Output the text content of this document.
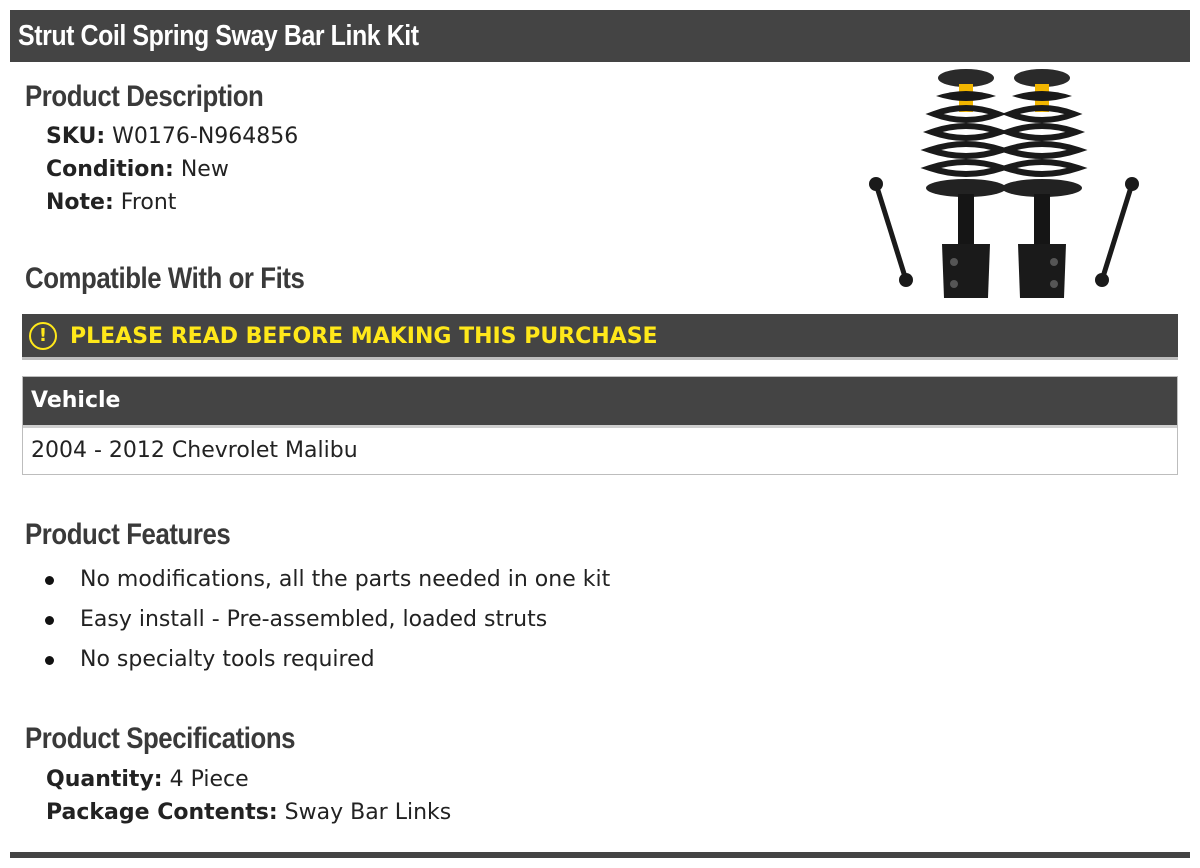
Strut Coil Spring Sway Bar Link Kit
Product Description
SKU: W0176-N964856
Condition: New
Note: Front
Compatible With or Fits
!	PLEASE READ BEFORE MAKING THIS PURCHASE
Vehicle
2004 - 2012 Chevrolet Malibu
Product Features
No modifications, all the parts needed in one kit
Easy install - Pre-assembled, loaded struts
No specialty tools required
Product Specifications
Quantity: 4 Piece
Package Contents: Sway Bar Links
